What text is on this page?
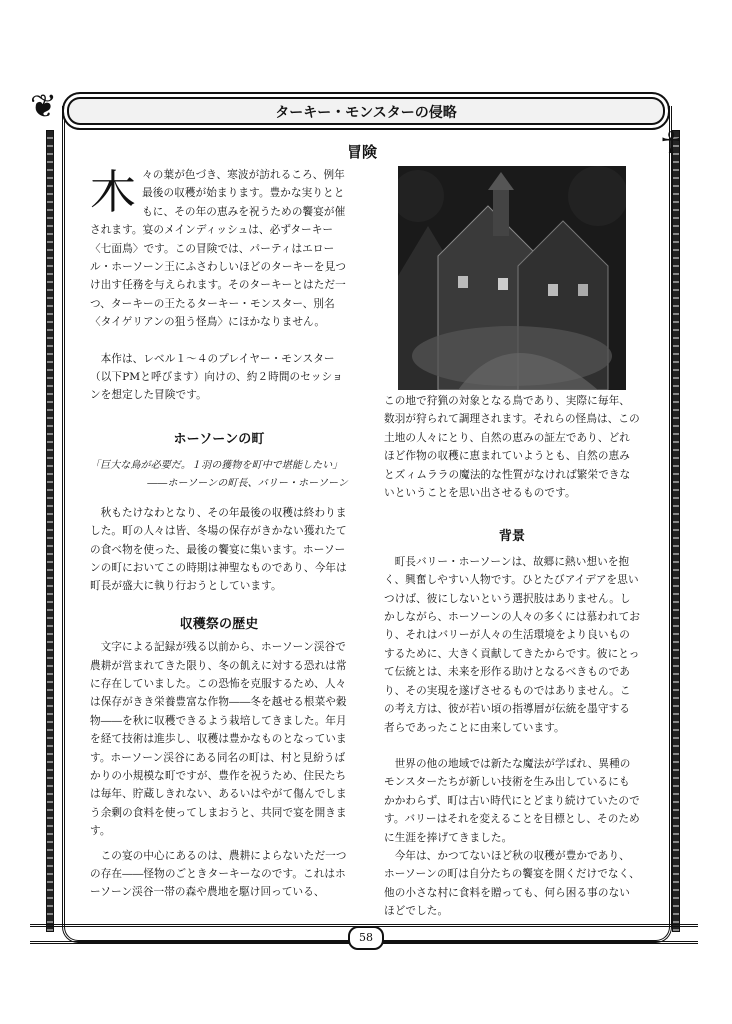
❦
☥
ターキー・モンスターの侵略
冒険

木 々の葉が色づき、寒波が訪れるころ、例年最後の収穫が始まります。豊かな実りとともに、その年の恵みを祝うための饗宴が催されます。宴のメインディッシュは、必ずターキー〈七面鳥〉です。この冒険では、パーティはエロール・ホーソーン王にふさわしいほどのターキーを見つけ出す任務を与えられます。そのターキーとはただ一つ、ターキーの王たるターキー・モンスター、別名〈タイゲリアンの狙う怪鳥〉にほかなりません。

本作は、レベル１〜４のプレイヤー・モンスター（以下PMと呼びます）向けの、約２時間のセッションを想定した冒険です。

ホーソーンの町
「巨大な鳥が必要だ。１羽の獲物を町中で堪能したい」
――ホーソーンの町長、バリー・ホーソーン

秋もたけなわとなり、その年最後の収穫は終わりました。町の人々は皆、冬場の保存がきかない獲れたての食べ物を使った、最後の饗宴に集います。ホーソーンの町においてこの時期は神聖なものであり、今年は町長が盛大に執り行おうとしています。

収穫祭の歴史

文字による記録が残る以前から、ホーソーン渓谷で農耕が営まれてきた限り、冬の飢えに対する恐れは常に存在していました。この恐怖を克服するため、人々は保存がきき栄養豊富な作物――冬を越せる根菜や穀物――を秋に収穫できるよう栽培してきました。年月を経て技術は進歩し、収穫は豊かなものとなっています。ホーソーン渓谷にある同名の町は、村と見紛うばかりの小規模な町ですが、豊作を祝うため、住民たちは毎年、貯蔵しきれない、あるいはやがて傷んでしまう余剰の食料を使ってしまおうと、共同で宴を開きます。

この宴の中心にあるのは、農耕によらないただ一つの存在――怪物のごときターキーなのです。これはホーソーン渓谷一帯の森や農地を駆け回っている、

この地で狩猟の対象となる鳥であり、実際に毎年、数羽が狩られて調理されます。それらの怪鳥は、この土地の人々にとり、自然の恵みの証左であり、どれほど作物の収穫に恵まれていようとも、自然の恵みとズィムララの魔法的な性質がなければ繁栄できないということを思い出させるものです。

背景

町長バリー・ホーソーンは、故郷に熱い想いを抱く、興奮しやすい人物です。ひとたびアイデアを思いつけば、彼にしないという選択肢はありません。しかしながら、ホーソーンの人々の多くには慕われており、それはバリーが人々の生活環境をより良いものするために、大きく貢献してきたからです。彼にとって伝統とは、未来を形作る助けとなるべきものであり、その実現を遂げさせるものではありません。この考え方は、彼が若い頃の指導層が伝統を墨守する者らであったことに由来しています。

世界の他の地域では新たな魔法が学ばれ、異種のモンスターたちが新しい技術を生み出しているにもかかわらず、町は古い時代にとどまり続けていたのです。バリーはそれを変えることを目標とし、そのために生涯を捧げてきました。

今年は、かつてないほど秋の収穫が豊かであり、ホーソーンの町は自分たちの饗宴を開くだけでなく、他の小さな村に食料を贈っても、何ら困る事のないほどでした。

58
